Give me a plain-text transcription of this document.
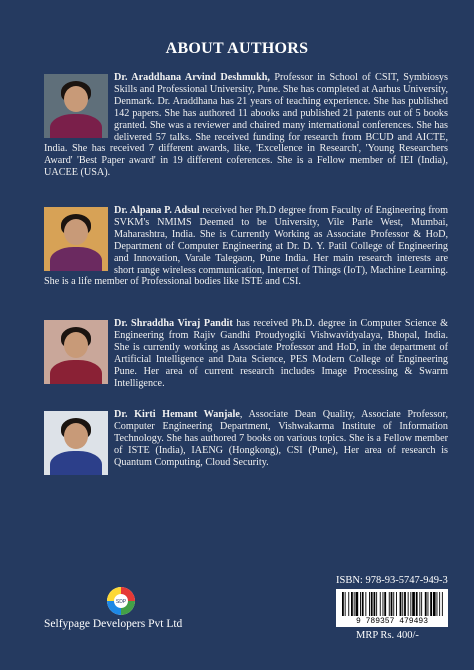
ABOUT AUTHORS
Dr. Araddhana Arvind Deshmukh, Professor in School of CSIT, Symbiosys Skills and Professional University, Pune. She has completed at Aarhus University, Denmark. Dr. Araddhana has 21 years of teaching experience. She has published 142 papers. She has authored 11 abooks and published 21 patents out of 5 books granted. She was a reviewer and chaired many international conferences. She has delivered 57 talks. She received funding for research from BCUD and AICTE, India. She has received 7 different awards, like, 'Excellence in Research', 'Young Researchers Award' 'Best Paper award' in 19 different coferences. She is a Fellow member of IEI (India), UACEE (USA).
Dr. Alpana P. Adsul received her Ph.D degree from Faculty of Engineering from SVKM's NMIMS Deemed to be University, Vile Parle West, Mumbai, Maharashtra, India. She is Currently Working as Associate Professor & HoD, Department of Computer Engineering at Dr. D. Y. Patil College of Engineering and Innovation, Varale Talegaon, Pune India. Her main research interests are short range wireless communication, Internet of Things (IoT), Machine Learning. She is a life member of Professional bodies like ISTE and CSI.
Dr. Shraddha Viraj Pandit has received Ph.D. degree in Computer Science & Engineering from Rajiv Gandhi Proudyogiki Vishwavidyalaya, Bhopal, India. She is currently working as Associate Professor and HoD, in the department of Artificial Intelligence and Data Science, PES Modern College of Engineering Pune. Her area of current research includes Image Processing & Swarm Intelligence.
Dr. Kirti Hemant Wanjale, Associate Dean Quality, Associate Professor, Computer Engineering Department, Vishwakarma Institute of Information Technology. She has authored 7 books on various topics. She is a Fellow member of ISTE (India), IAENG (Hongkong), CSI (Pune), Her area of research is Quantum Computing, Cloud Security.
SDP
Selfypage Developers Pvt Ltd
ISBN: 978-93-5747-949-3
9 789357 479493
MRP Rs. 400/-
